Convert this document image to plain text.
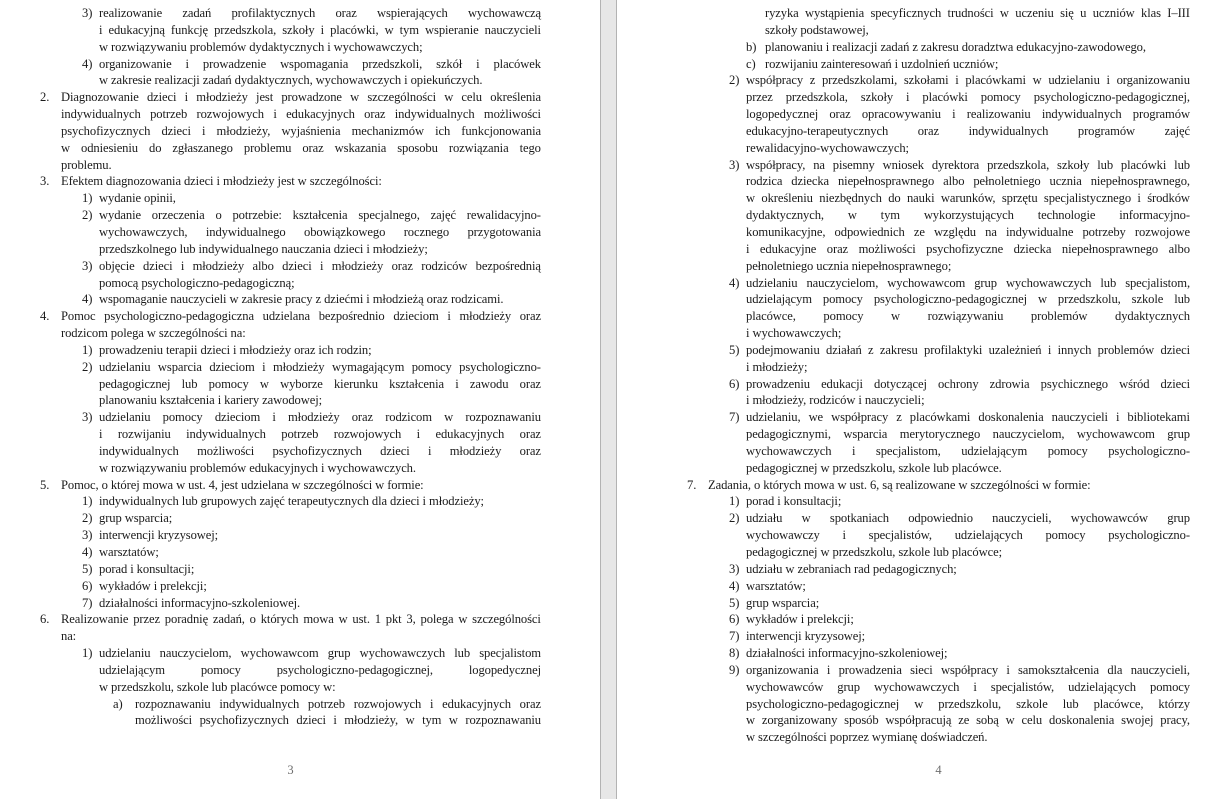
realizowanie zadań profilaktycznych oraz wspierających wychowawczą
3)
i edukacyjną funkcję przedszkola, szkoły i placówki, w tym wspieranie nauczycieli
w rozwiązywaniu problemów dydaktycznych i wychowawczych;
organizowanie i prowadzenie wspomagania przedszkoli, szkół i placówek
4)
w zakresie realizacji zadań dydaktycznych, wychowawczych i opiekuńczych.
Diagnozowanie dzieci i młodzieży jest prowadzone w szczególności w celu określenia
2.
indywidualnych potrzeb rozwojowych i edukacyjnych oraz indywidualnych możliwości
psychofizycznych dzieci i młodzieży, wyjaśnienia mechanizmów ich funkcjonowania
w odniesieniu do zgłaszanego problemu oraz wskazania sposobu rozwiązania tego
problemu.
Efektem diagnozowania dzieci i młodzieży jest w szczególności:
3.
wydanie opinii,
1)
wydanie orzeczenia o potrzebie: kształcenia specjalnego, zajęć rewalidacyjno-
2)
wychowawczych, indywidualnego obowiązkowego rocznego przygotowania
przedszkolnego lub indywidualnego nauczania dzieci i młodzieży;
objęcie dzieci i młodzieży albo dzieci i młodzieży oraz rodziców bezpośrednią
3)
pomocą psychologiczno-pedagogiczną;
wspomaganie nauczycieli w zakresie pracy z dziećmi i młodzieżą oraz rodzicami.
4)
Pomoc psychologiczno-pedagogiczna udzielana bezpośrednio dzieciom i młodzieży oraz
4.
rodzicom polega w szczególności na:
prowadzeniu terapii dzieci i młodzieży oraz ich rodzin;
1)
udzielaniu wsparcia dzieciom i młodzieży wymagającym pomocy psychologiczno-
2)
pedagogicznej lub pomocy w wyborze kierunku kształcenia i zawodu oraz
planowaniu kształcenia i kariery zawodowej;
udzielaniu pomocy dzieciom i młodzieży oraz rodzicom w rozpoznawaniu
3)
i rozwijaniu indywidualnych potrzeb rozwojowych i edukacyjnych oraz
indywidualnych możliwości psychofizycznych dzieci i młodzieży oraz
w rozwiązywaniu problemów edukacyjnych i wychowawczych.
Pomoc, o której mowa w ust. 4, jest udzielana w szczególności w formie:
5.
indywidualnych lub grupowych zajęć terapeutycznych dla dzieci i młodzieży;
1)
grup wsparcia;
2)
interwencji kryzysowej;
3)
warsztatów;
4)
porad i konsultacji;
5)
wykładów i prelekcji;
6)
działalności informacyjno-szkoleniowej.
7)
Realizowanie przez poradnię zadań, o których mowa w ust. 1 pkt 3, polega w szczególności
6.
na:
udzielaniu nauczycielom, wychowawcom grup wychowawczych lub specjalistom
1)
udzielającym	pomocy	psychologiczno-pedagogicznej,	logopedycznej
w przedszkolu, szkole lub placówce pomocy w:
rozpoznawaniu indywidualnych potrzeb rozwojowych i edukacyjnych oraz
a)
możliwości psychofizycznych dzieci i młodzieży, w tym w rozpoznawaniu
3
ryzyka wystąpienia specyficznych trudności w uczeniu się u uczniów klas I–III
szkoły podstawowej,
planowaniu i realizacji zadań z zakresu doradztwa edukacyjno-zawodowego,
b)
rozwijaniu zainteresowań i uzdolnień uczniów;
c)
współpracy z przedszkolami, szkołami i placówkami w udzielaniu i organizowaniu
2)
przez przedszkola, szkoły i placówki pomocy psychologiczno-pedagogicznej,
logopedycznej oraz opracowywaniu i realizowaniu indywidualnych programów
edukacyjno-terapeutycznych oraz indywidualnych programów zajęć
rewalidacyjno-wychowawczych;
współpracy, na pisemny wniosek dyrektora przedszkola, szkoły lub placówki lub
3)
rodzica dziecka niepełnosprawnego albo pełnoletniego ucznia niepełnosprawnego,
w określeniu niezbędnych do nauki warunków, sprzętu specjalistycznego i środków
dydaktycznych, w tym wykorzystujących technologie informacyjno-
komunikacyjne, odpowiednich ze względu na indywidualne potrzeby rozwojowe
i edukacyjne oraz możliwości psychofizyczne dziecka niepełnosprawnego albo
pełnoletniego ucznia niepełnosprawnego;
udzielaniu nauczycielom, wychowawcom grup wychowawczych lub specjalistom,
4)
udzielającym pomocy psychologiczno-pedagogicznej w przedszkolu, szkole lub
placówce, pomocy w rozwiązywaniu problemów dydaktycznych
i wychowawczych;
podejmowaniu działań z zakresu profilaktyki uzależnień i innych problemów dzieci
5)
i młodzieży;
prowadzeniu edukacji dotyczącej ochrony zdrowia psychicznego wśród dzieci
6)
i młodzieży, rodziców i nauczycieli;
udzielaniu, we współpracy z placówkami doskonalenia nauczycieli i bibliotekami
7)
pedagogicznymi, wsparcia merytorycznego nauczycielom, wychowawcom grup
wychowawczych i specjalistom, udzielającym pomocy psychologiczno-
pedagogicznej w przedszkolu, szkole lub placówce.
Zadania, o których mowa w ust. 6, są realizowane w szczególności w formie:
7.
porad i konsultacji;
1)
udziału w spotkaniach odpowiednio nauczycieli, wychowawców grup
2)
wychowawczy i specjalistów, udzielających pomocy psychologiczno-
pedagogicznej w przedszkolu, szkole lub placówce;
udziału w zebraniach rad pedagogicznych;
3)
warsztatów;
4)
grup wsparcia;
5)
wykładów i prelekcji;
6)
interwencji kryzysowej;
7)
działalności informacyjno-szkoleniowej;
8)
organizowania i prowadzenia sieci współpracy i samokształcenia dla nauczycieli,
9)
wychowawców grup wychowawczych i specjalistów, udzielających pomocy
psychologiczno-pedagogicznej w przedszkolu, szkole lub placówce, którzy
w zorganizowany sposób współpracują ze sobą w celu doskonalenia swojej pracy,
w szczególności poprzez wymianę doświadczeń.
4
